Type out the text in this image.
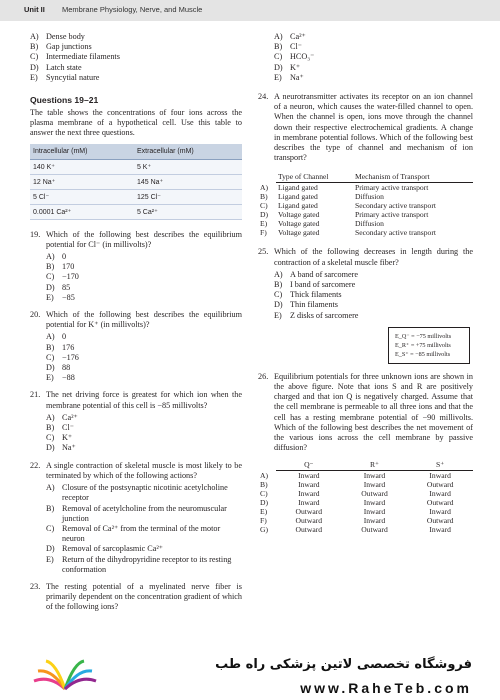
Unit II Membrane Physiology, Nerve, and Muscle
A) Dense body
B) Gap junctions
C) Intermediate filaments
D) Latch state
E)	Syncytial nature
Questions 19–21
The table shows the concentrations of four ions across the plasma membrane of a hypothetical cell. Use this table to answer the next three questions.
Intracellular (mM)	Extracellular (mM)
140 K⁺	5 K⁺
12 Na⁺	145 Na⁺
5 Cl⁻	125 Cl⁻
0.0001 Ca²⁺	5 Ca²⁺
19. Which of the following best describes the equilibrium potential for Cl⁻ (in millivolts)?
A) 0
B) 170
C) −170
D) 85
E)	−85
20. Which of the following best describes the equilibrium potential for K⁺ (in millivolts)?
A) 0
B) 176
C) −176
D) 88
E)	−88
21. The net driving force is greatest for which ion when the membrane potential of this cell is −85 millivolts?
A) Ca²⁺
B) Cl⁻
C) K⁺
D) Na⁺
22. A single contraction of skeletal muscle is most likely to be terminated by which of the following actions?
A) Closure of the postsynaptic nicotinic acetylcholine receptor
B) Removal of acetylcholine from the neuromuscular junction
C) Removal of Ca²⁺ from the terminal of the motor neuron
D) Removal of sarcoplasmic Ca²⁺
E)	Return of the dihydropyridine receptor to its resting conformation
23. The resting potential of a myelinated nerve fiber is primarily dependent on the concentration gradient of which of the following ions?
A) Ca²⁺
B) Cl⁻
C) HCO₃⁻
D) K⁺
E)	Na⁺
24. A neurotransmitter activates its receptor on an ion channel of a neuron, which causes the water-filled channel to open. When the channel is open, ions move through the channel down their respective electrochemical gradients. A change in membrane potential follows. Which of the following best describes the type of channel and mechanism of ion transport?
	Type of Channel	Mechanism of Transport
A)	Ligand gated	Primary active transport
B)	Ligand gated	Diffusion
C)	Ligand gated	Secondary active transport
D)	Voltage gated	Primary active transport
E)	Voltage gated	Diffusion
F)	Voltage gated	Secondary active transport
25. Which of the following decreases in length during the contraction of a skeletal muscle fiber?
A) A band of sarcomere
B) I band of sarcomere
C) Thick filaments
D) Thin filaments
E)	Z disks of sarcomere
E_Q⁻ = −75 millivolts
E_R⁺ = +75 millivolts
E_S⁺ = −85 millivolts
26. Equilibrium potentials for three unknown ions are shown in the above figure. Note that ions S and R are positively charged and that ion Q is negatively charged. Assume that the cell membrane is permeable to all three ions and that the cell has a resting membrane potential of −90 millivolts. Which of the following best describes the net movement of the various ions across the cell membrane by passive diffusion?
	Q⁻	R⁺	S⁺
A)	Inward	Inward	Inward
B)	Inward	Inward	Outward
C)	Inward	Outward	Inward
D)	Inward	Inward	Outward
E)	Outward	Inward	Inward
F)	Outward	Inward	Outward
G)	Outward	Outward	Inward
فروشگاه تخصصی لاتین پزشکی راه طب
www.RaheTeb.com
